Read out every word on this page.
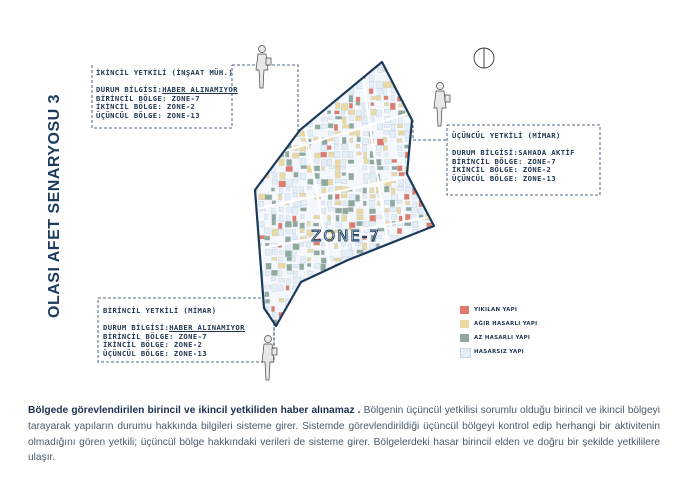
OLASI AFET SENARYOSU 3	ZONE-7
İKİNCİL YETKİLİ (İNŞAAT MÜH.)
DURUM BİLGİSİ:HABER ALINAMIYOR
BİRİNCİL BÖLGE: ZONE-7
İKİNCİL BÖLGE: ZONE-2
ÜÇÜNCÜL BÖLGE: ZONE-13
ÜÇÜNCÜL YETKİLİ (MİMAR)
DURUM BİLGİSİ:SAHADA AKTİF
BİRİNCİL BÖLGE: ZONE-7
İKİNCİL BÖLGE: ZONE-2
ÜÇÜNCÜL BÖLGE: ZONE-13
BİRİNCİL YETKİLİ (MİMAR)
DURUM BİLGİSİ:HABER ALINAMIYOR
BİRİNCİL BÖLGE: ZONE-7
İKİNCİL BÖLGE: ZONE-2
ÜÇÜNCÜL BÖLGE: ZONE-13
YIKILAN YAPI
AĞIR HASARLI YAPI
AZ HASARLI YAPI
HASARSIZ YAPI
Bölgede görevlendirilen birincil ve ikincil yetkiliden haber alınamaz . Bölgenin üçüncül yetkilisi sorumlu olduğu birincil ve ikincil bölgeyi tarayarak yapıların durumu hakkında bilgileri sisteme girer. Sistemde görevlendirildiği üçüncül bölgeyi kontrol edip herhangi bir aktivitenin olmadığını gören yetkili; üçüncül bölge hakkındaki verileri de sisteme girer. Bölgelerdeki hasar birincil elden ve doğru bir şekilde yetkililere ulaşır.
